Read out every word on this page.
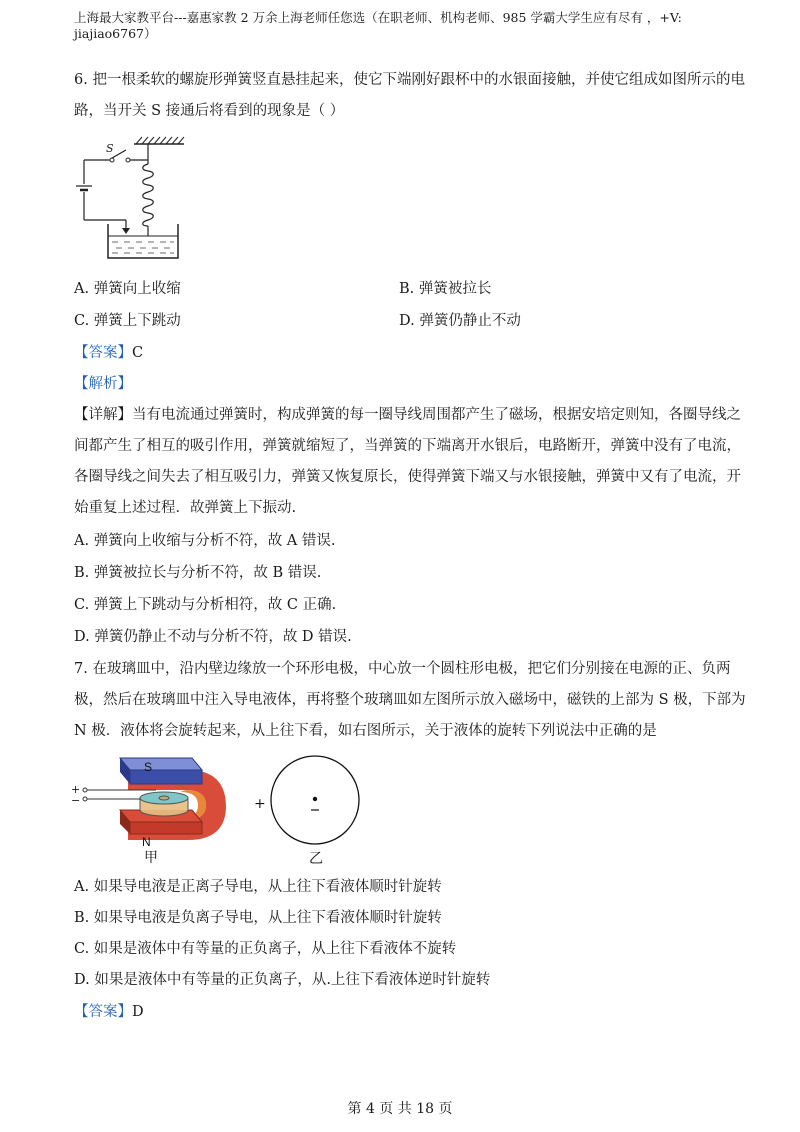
上海最大家教平台---嘉惠家教 2 万余上海老师任您选（在职老师、机构老师、985 学霸大学生应有尽有 ，+V:
jiajiao6767）
6. 把一根柔软的螺旋形弹簧竖直悬挂起来，使它下端刚好跟杯中的水银面接触，并使它组成如图所示的电
路，当开关 S 接通后将看到的现象是（ ）
S
A. 弹簧向上收缩	B. 弹簧被拉长
C. 弹簧上下跳动	D. 弹簧仍静止不动
【答案】C
【解析】
【详解】当有电流通过弹簧时，构成弹簧的每一圈导线周围都产生了磁场，根据安培定则知，各圈导线之
间都产生了相互的吸引作用，弹簧就缩短了，当弹簧的下端离开水银后，电路断开，弹簧中没有了电流，
各圈导线之间失去了相互吸引力，弹簧又恢复原长，使得弹簧下端又与水银接触，弹簧中又有了电流，开
始重复上述过程．故弹簧上下振动.
A. 弹簧向上收缩与分析不符，故 A 错误.
B. 弹簧被拉长与分析不符，故 B 错误.
C. 弹簧上下跳动与分析相符，故 C 正确.
D. 弹簧仍静止不动与分析不符，故 D 错误.
7. 在玻璃皿中，沿内壁边缘放一个环形电极，中心放一个圆柱形电极，把它们分别接在电源的正、负两
极，然后在玻璃皿中注入导电液体，再将整个玻璃皿如左图所示放入磁场中，磁铁的上部为 S 极，下部为
N 极．液体将会旋转起来，从上往下看，如右图所示，关于液体的旋转下列说法中正确的是
S
N
+
−
甲
+
乙
A. 如果导电液是正离子导电，从上往下看液体顺时针旋转
B. 如果导电液是负离子导电，从上往下看液体顺时针旋转
C. 如果是液体中有等量的正负离子，从上往下看液体不旋转
D. 如果是液体中有等量的正负离子，从.上往下看液体逆时针旋转
【答案】D
第 4 页 共 18 页
